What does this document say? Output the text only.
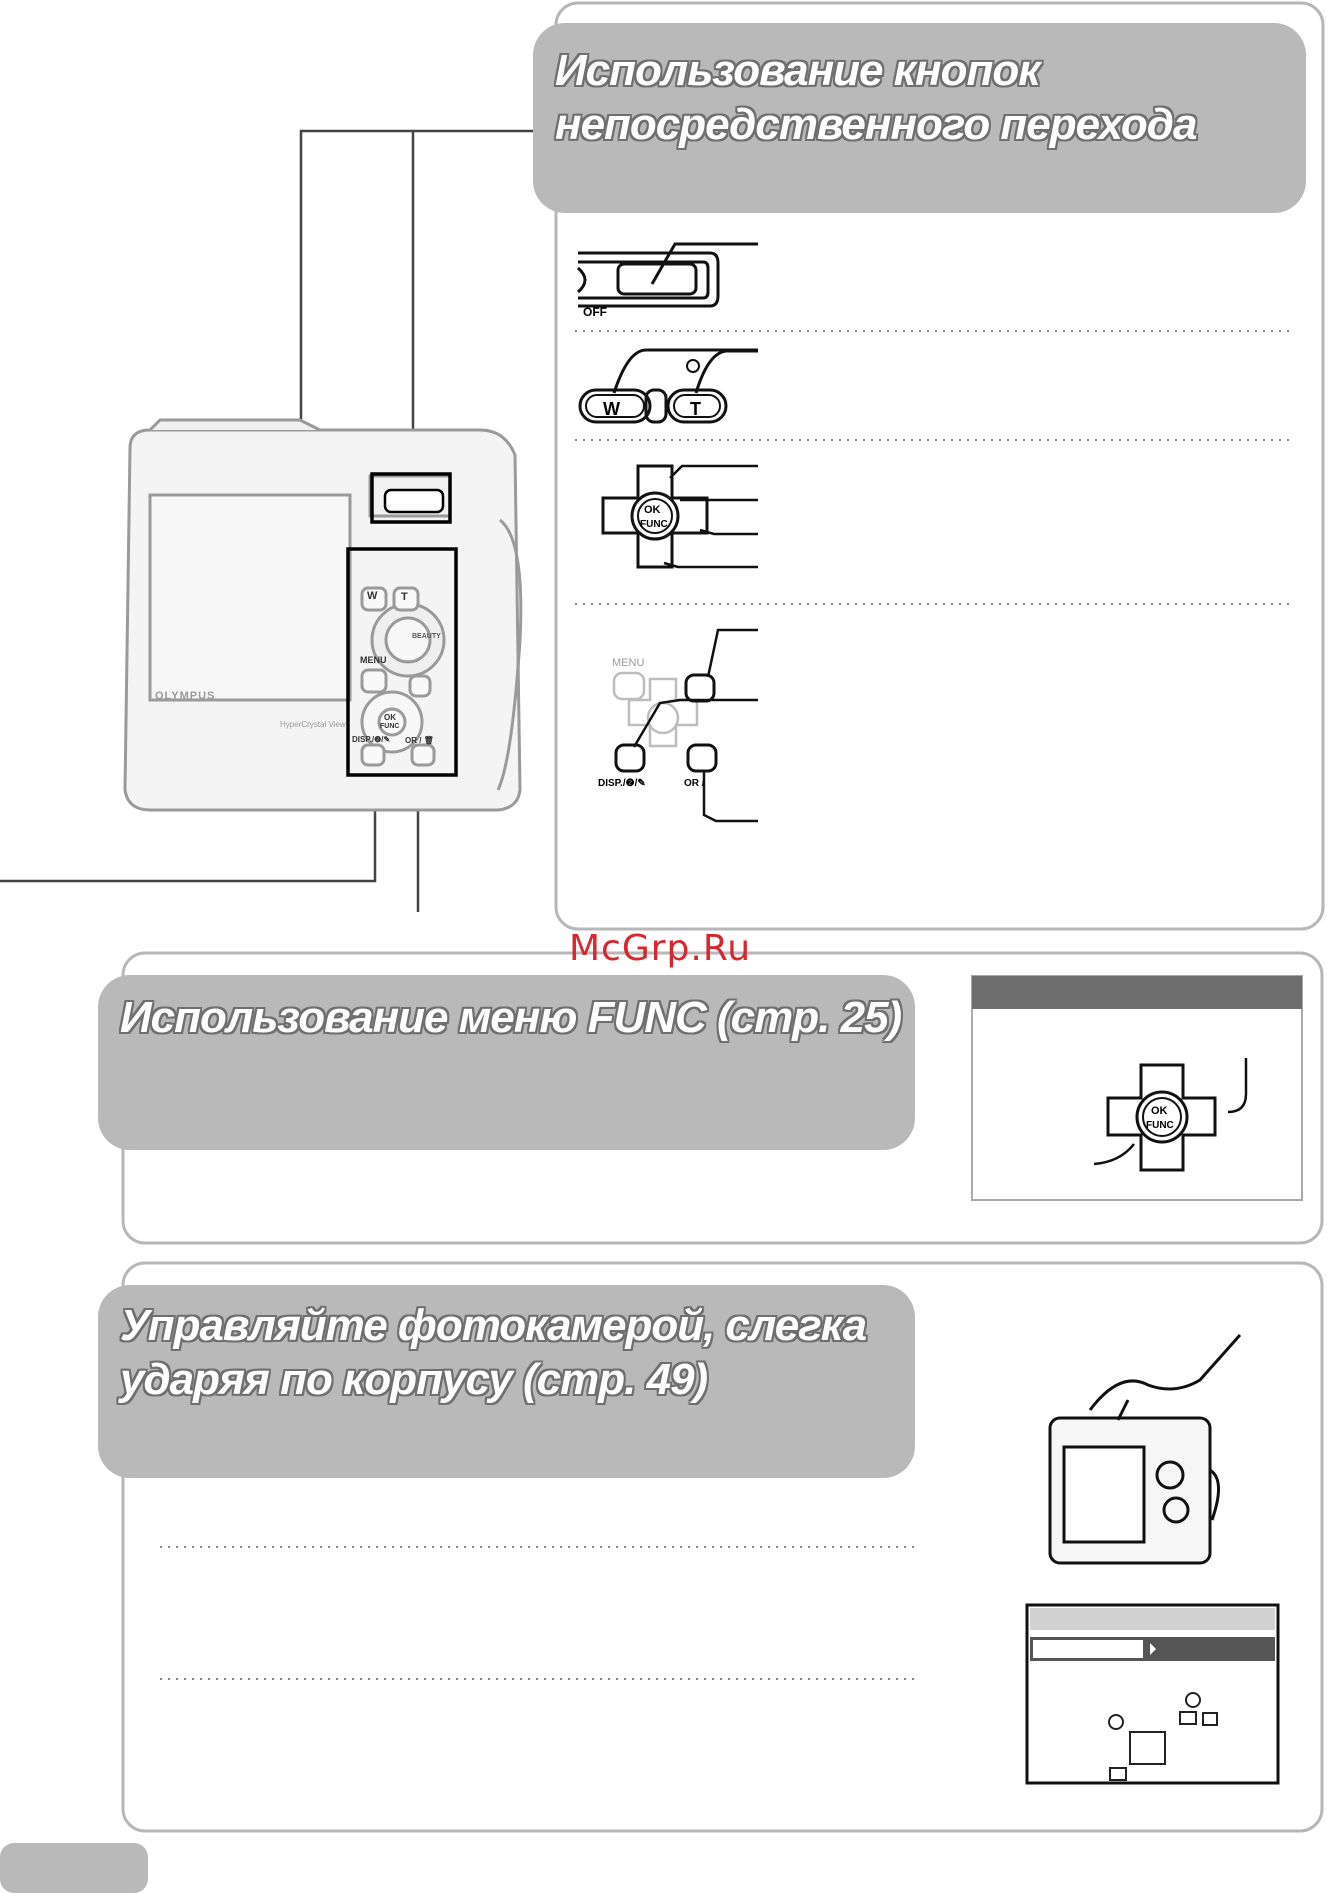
OFF
W	T
OK
FUNC
MENU
DISP./❷/✎	OR /
OK
FUNC
Использование кнопок
непосредственного перехода
Использование меню FUNC (стр. 25)
Управляйте фотокамерой, слегка
ударяя по корпусу (стр. 49)

McGrp.Ru

OLYMPUS
HyperCrystal View
MENU
DISP./❷/✎ OR / 🗑
W T
OK
FUNC
BEAUTY
